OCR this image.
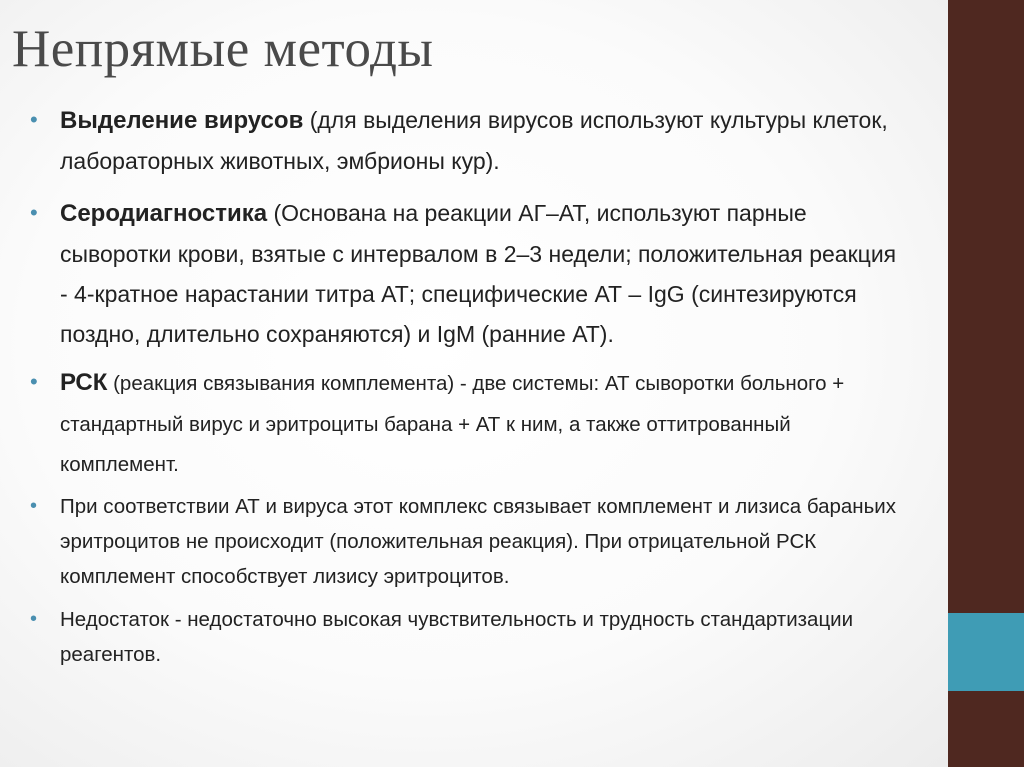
Непрямые методы
• Выделение вирусов (для выделения вирусов используют культуры клеток, лабораторных животных, эмбрионы кур).
• Серодиагностика (Основана на реакции АГ–АТ, используют парные сыворотки крови, взятые с интервалом в 2–3 недели; положительная реакция - 4-кратное нарастании титра АТ; специфические АТ – IgG (синтезируются поздно, длительно сохраняются) и IgM (ранние АТ).
• РСК (реакция связывания комплемента) - две системы: АТ сыворотки больного + стандартный вирус и эритроциты барана + АТ к ним, а также оттитрованный комплемент.
• При соответствии АТ и вируса этот комплекс связывает комплемент и лизиса бараньих эритроцитов не происходит (положительная реакция). При отрицательной РСК комплемент способствует лизису эритроцитов.
• Недостаток - недостаточно высокая чувствительность и трудность стандартизации реагентов.
